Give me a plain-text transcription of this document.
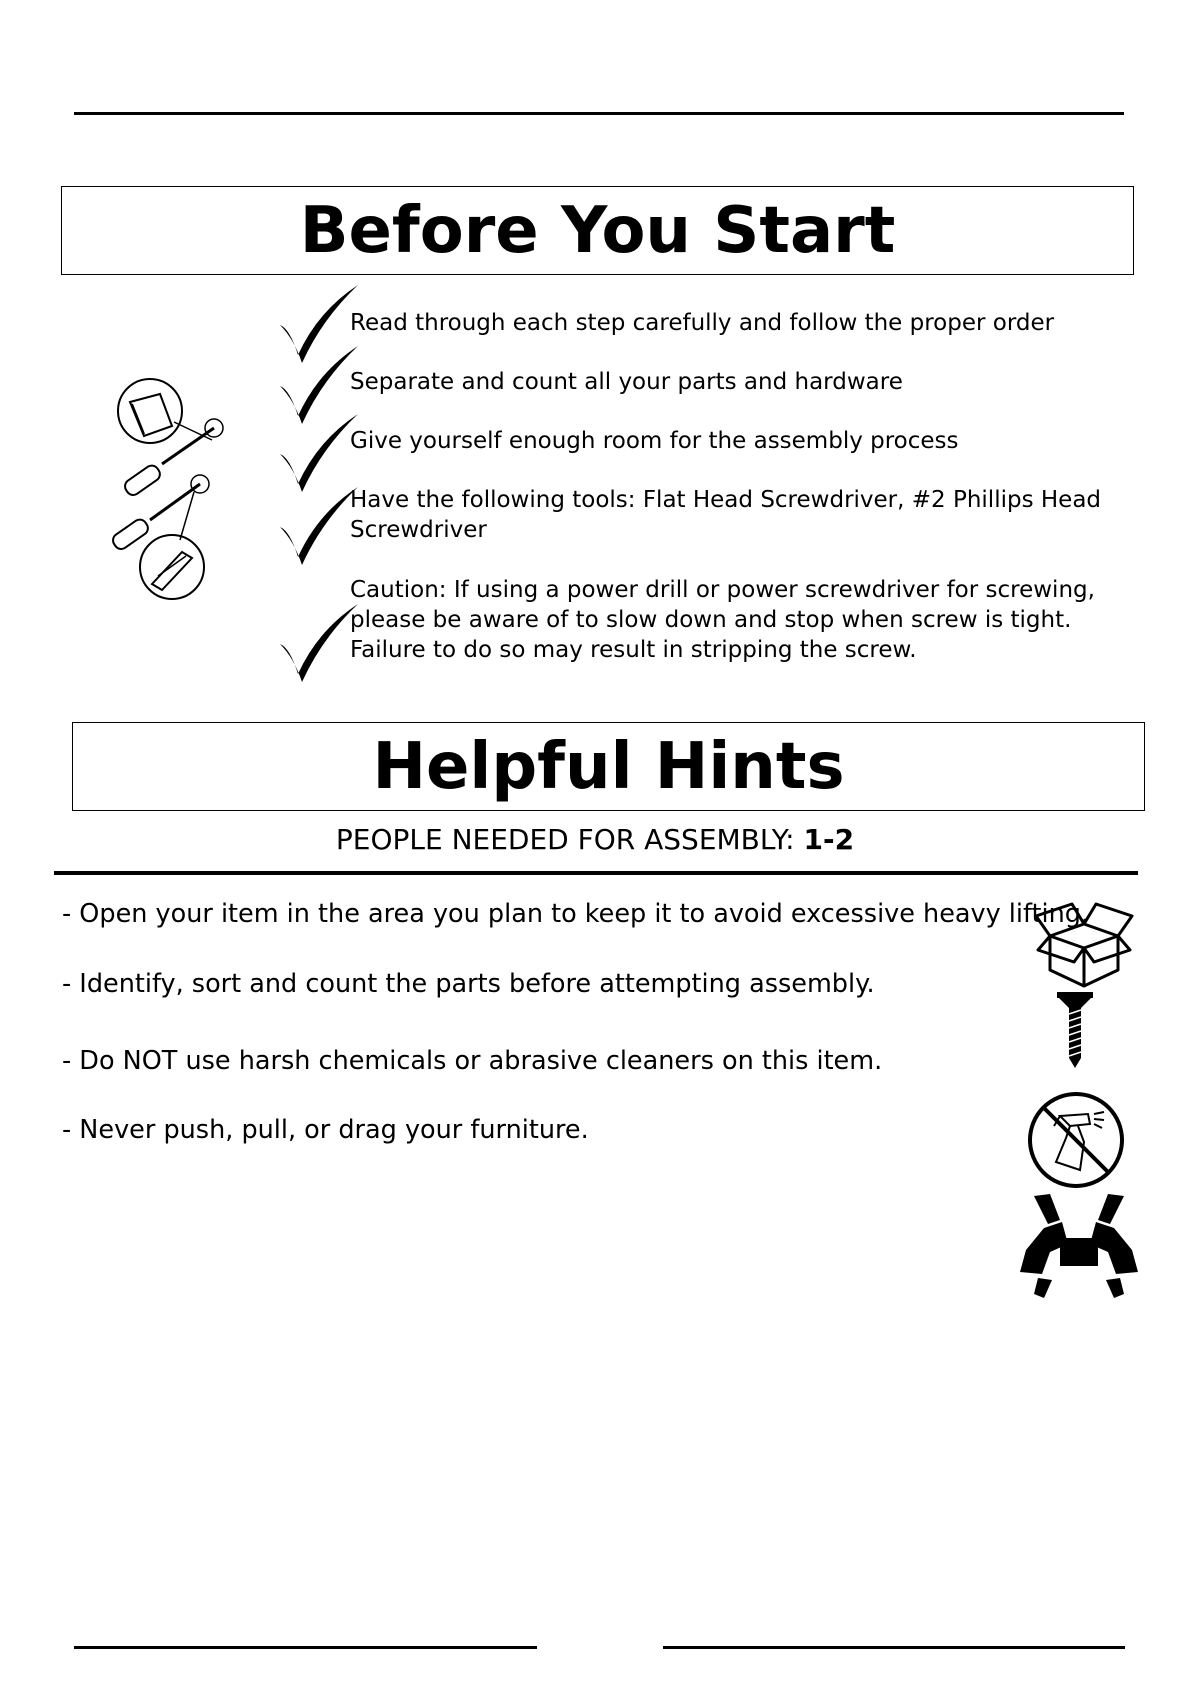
Before You Start
Read through each step carefully and follow the proper order
Separate and count all your parts and hardware
Give yourself enough room for the assembly process
Have the following tools: Flat Head Screwdriver, #2 Phillips Head Screwdriver
Caution: If using a power drill or power screwdriver for screwing, please be aware of to slow down and stop when screw is tight. Failure to do so may result in stripping the screw.
Helpful Hints
PEOPLE NEEDED FOR ASSEMBLY: 1-2
- Open your item in the area you plan to keep it to avoid excessive heavy lifting.
- Identify, sort and count the parts before attempting assembly.
- Do NOT use harsh chemicals or abrasive cleaners on this item.
- Never push, pull, or drag your furniture.
